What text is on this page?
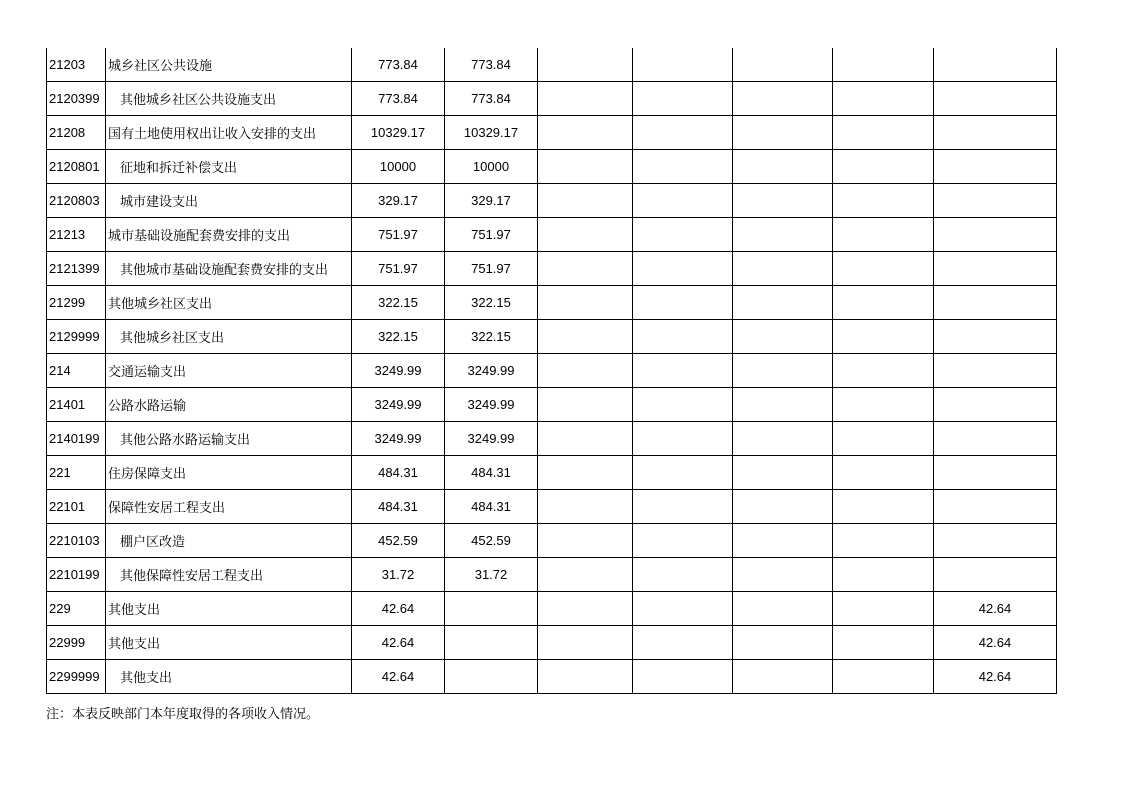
21203	城乡社区公共设施	773.84	773.84					
2120399	其他城乡社区公共设施支出	773.84	773.84					
21208	国有土地使用权出让收入安排的支出	10329.17	10329.17					
2120801	征地和拆迁补偿支出	10000	10000					
2120803	城市建设支出	329.17	329.17					
21213	城市基础设施配套费安排的支出	751.97	751.97					
2121399	其他城市基础设施配套费安排的支出	751.97	751.97					
21299	其他城乡社区支出	322.15	322.15					
2129999	其他城乡社区支出	322.15	322.15					
214	交通运输支出	3249.99	3249.99					
21401	公路水路运输	3249.99	3249.99					
2140199	其他公路水路运输支出	3249.99	3249.99					
221	住房保障支出	484.31	484.31					
22101	保障性安居工程支出	484.31	484.31					
2210103	棚户区改造	452.59	452.59					
2210199	其他保障性安居工程支出	31.72	31.72					
229	其他支出	42.64						42.64
22999	其他支出	42.64						42.64
2299999	其他支出	42.64						42.64
注：本表反映部门本年度取得的各项收入情况。
